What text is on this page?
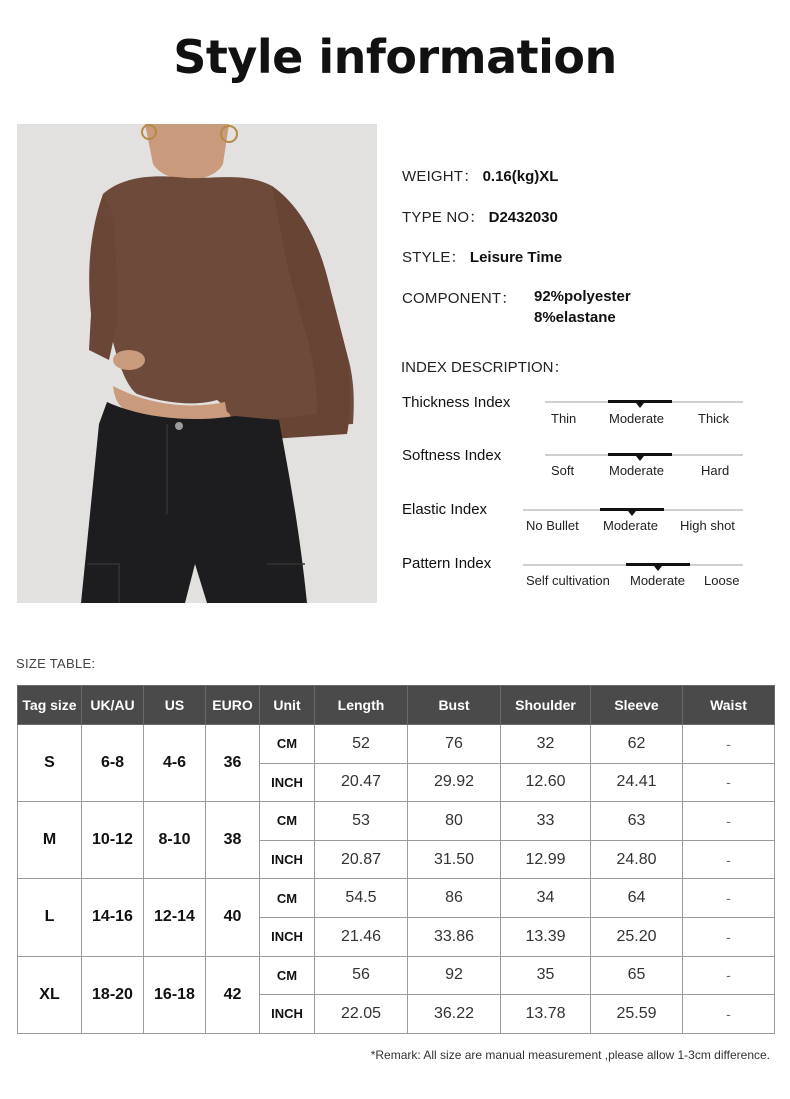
Style information
WEIGHT： 0.16(kg)XL
TYPE NO： D2432030
STYLE： Leisure Time
COMPONENT： 92%polyester
8%elastane
INDEX DESCRIPTION：
Thickness Index
Thin	Moderate	Thick
Softness Index
Soft	Moderate	Hard
Elastic Index
No Bullet Moderate High shot
Pattern Index
Self cultivation Moderate Loose
SIZE TABLE:
Tag size	UK/AU	US	EURO	Unit	Length	Bust	Shoulder	Sleeve	Waist
S	6-8	4-6	36	CM	52	76	32	62	-
				INCH	20.47	29.92	12.60	24.41	-
M	10-12	8-10	38	CM	53	80	33	63	-
				INCH	20.87	31.50	12.99	24.80	-
L	14-16	12-14	40	CM	54.5	86	34	64	-
				INCH	21.46	33.86	13.39	25.20	-
XL	18-20	16-18	42	CM	56	92	35	65	-
				INCH	22.05	36.22	13.78	25.59	-
*Remark: All size are manual measurement ,please allow 1-3cm difference.
